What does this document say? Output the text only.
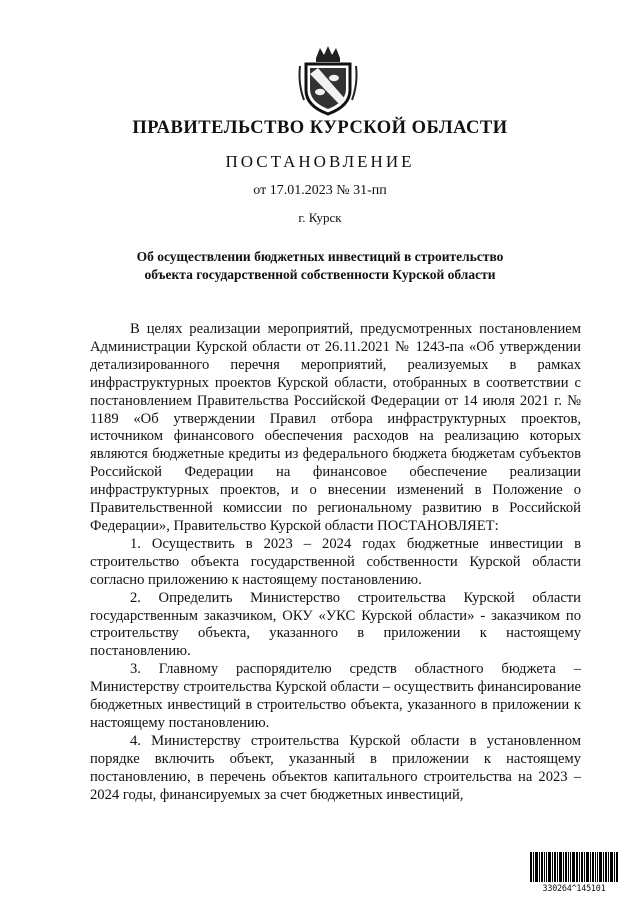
ПРАВИТЕЛЬСТВО КУРСКОЙ ОБЛАСТИ
ПОСТАНОВЛЕНИЕ
от 17.01.2023 № 31-пп
г. Курск
Об осуществлении бюджетных инвестиций в строительство
объекта государственной собственности Курской области

В целях реализации мероприятий, предусмотренных постановлением Администрации Курской области от 26.11.2021 № 1243-па «Об утверждении детализированного перечня мероприятий, реализуемых в рамках инфраструктурных проектов Курской области, отобранных в соответствии с постановлением Правительства Российской Федерации от 14 июля 2021 г. № 1189 «Об утверждении Правил отбора инфраструктурных проектов, источником финансового обеспечения расходов на реализацию которых являются бюджетные кредиты из федерального бюджета бюджетам субъектов Российской Федерации на финансовое обеспечение реализации инфраструктурных проектов, и о внесении изменений в Положение о Правительственной комиссии по региональному развитию в Российской Федерации», Правительство Курской области ПОСТАНОВЛЯЕТ:

1. Осуществить в 2023 – 2024 годах бюджетные инвестиции в строительство объекта государственной собственности Курской области согласно приложению к настоящему постановлению.

2. Определить Министерство строительства Курской области государственным заказчиком, ОКУ «УКС Курской области» - заказчиком по строительству объекта, указанного в приложении к настоящему постановлению.

3. Главному распорядителю средств областного бюджета – Министерству строительства Курской области – осуществить финансирование бюджетных инвестиций в строительство объекта, указанного в приложении к настоящему постановлению.

4. Министерству строительства Курской области в установленном порядке включить объект, указанный в приложении к настоящему постановлению, в перечень объектов капитального строительства на 2023 – 2024 годы, финансируемых за счет бюджетных инвестиций,

330264^145101
